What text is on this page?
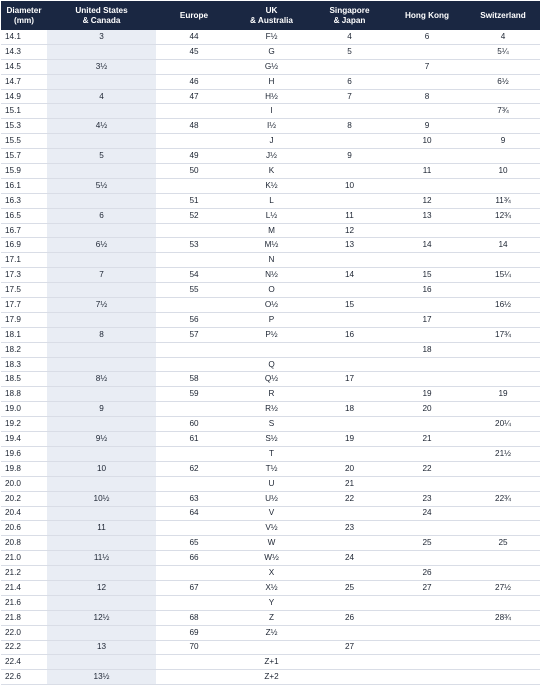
Diameter
(mm)	United States
& Canada	Europe	UK
& Australia	Singapore
& Japan	Hong Kong	Switzerland
14.1	3	44	F½	4	6	4
14.3		45	G	5		5¼
14.5	3½		G½		7	
14.7		46	H	6		6½
14.9	4	47	H½	7	8	
15.1			I			7¾
15.3	4½	48	I½	8	9	
15.5			J		10	9
15.7	5	49	J½	9		
15.9		50	K		11	10
16.1	5½		K½	10		
16.3		51	L		12	11¾
16.5	6	52	L½	11	13	12¾
16.7			M	12		
16.9	6½	53	M½	13	14	14
17.1			N			
17.3	7	54	N½	14	15	15¼
17.5		55	O		16	
17.7	7½		O½	15		16½
17.9		56	P		17	
18.1	8	57	P½	16		17¾
18.2					18	
18.3			Q			
18.5	8½	58	Q½	17		
18.8		59	R		19	19
19.0	9		R½	18	20	
19.2		60	S			20¼
19.4	9½	61	S½	19	21	
19.6			T			21½
19.8	10	62	T½	20	22	
20.0			U	21		
20.2	10½	63	U½	22	23	22¾
20.4		64	V		24	
20.6	11		V½	23		
20.8		65	W		25	25
21.0	11½	66	W½	24		
21.2			X		26	
21.4	12	67	X½	25	27	27½
21.6			Y			
21.8	12½	68	Z	26		28¾
22.0		69	Z½			
22.2	13	70		27		
22.4			Z+1			
22.6	13½		Z+2			
